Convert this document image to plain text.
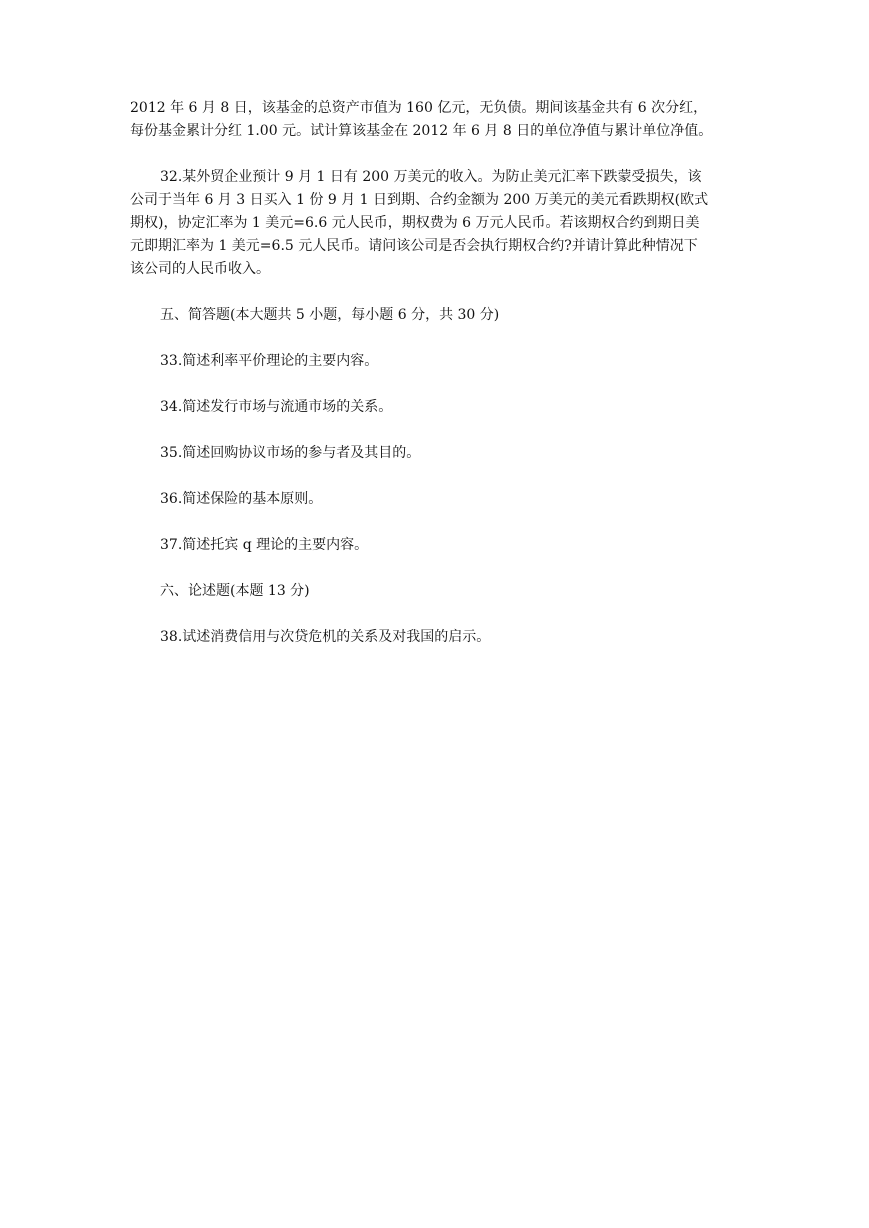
2012 年 6 月 8 日，该基金的总资产市值为 160 亿元，无负债。期间该基金共有 6 次分红，
每份基金累计分红 1.00 元。试计算该基金在 2012 年 6 月 8 日的单位净值与累计单位净值。

32.某外贸企业预计 9 月 1 日有 200 万美元的收入。为防止美元汇率下跌蒙受损失，该
公司于当年 6 月 3 日买入 1 份 9 月 1 日到期、合约金额为 200 万美元的美元看跌期权(欧式
期权)，协定汇率为 1 美元=6.6 元人民币，期权费为 6 万元人民币。若该期权合约到期日美
元即期汇率为 1 美元=6.5 元人民币。请问该公司是否会执行期权合约?并请计算此种情况下
该公司的人民币收入。

五、简答题(本大题共 5 小题，每小题 6 分，共 30 分)

33.简述利率平价理论的主要内容。

34.简述发行市场与流通市场的关系。

35.简述回购协议市场的参与者及其目的。

36.简述保险的基本原则。

37.简述托宾 q 理论的主要内容。

六、论述题(本题 13 分)

38.试述消费信用与次贷危机的关系及对我国的启示。
